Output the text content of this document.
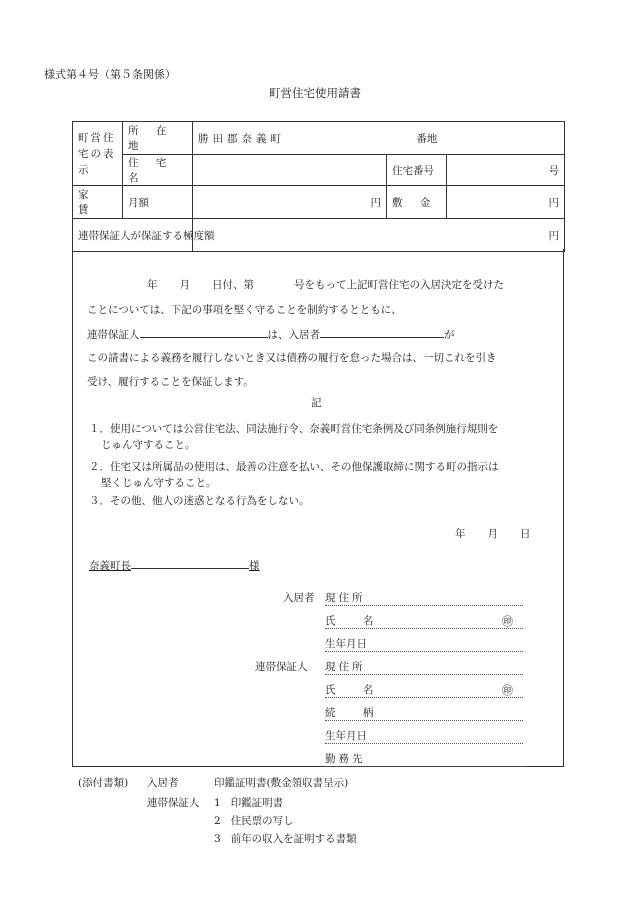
様式第４号（第５条関係）
町営住宅使用請書
町営住宅の表示	所 在 地	勝田郡奈義町 番地		
	住 宅 名		住宅番号	号
家 賃	月額	円	敷 金	円
連帯保証人が保証する極度額		円		
年 月 日付、第	号をもって上記町営住宅の入居決定を受けた
ことについては、下記の事項を堅く守ることを制約するとともに、
連帯保証人	は、入居者	が
この請書による義務を履行しないとき又は債務の履行を怠った場合は、一切これを引き
受け、履行することを保証します。
記
１．使用については公営住宅法、同法施行令、奈義町営住宅条例及び同条例施行規則を
じゅん守すること。
２．住宅又は所属品の使用は、最善の注意を払い、その他保護取締に関する町の指示は
堅くじゅん守すること。
３．その他、他人の迷惑となる行為をしない。
年 月 日
奈義町長	様
入居者 現住所
氏 名	㊞
生年月日
連帯保証人 現住所
氏 名	㊞
続 柄
生年月日
勤務先
(添付書類) 入居者	印鑑証明書(敷金領収書呈示)
連帯保証人 1 印鑑証明書
2 住民票の写し
3 前年の収入を証明する書類
